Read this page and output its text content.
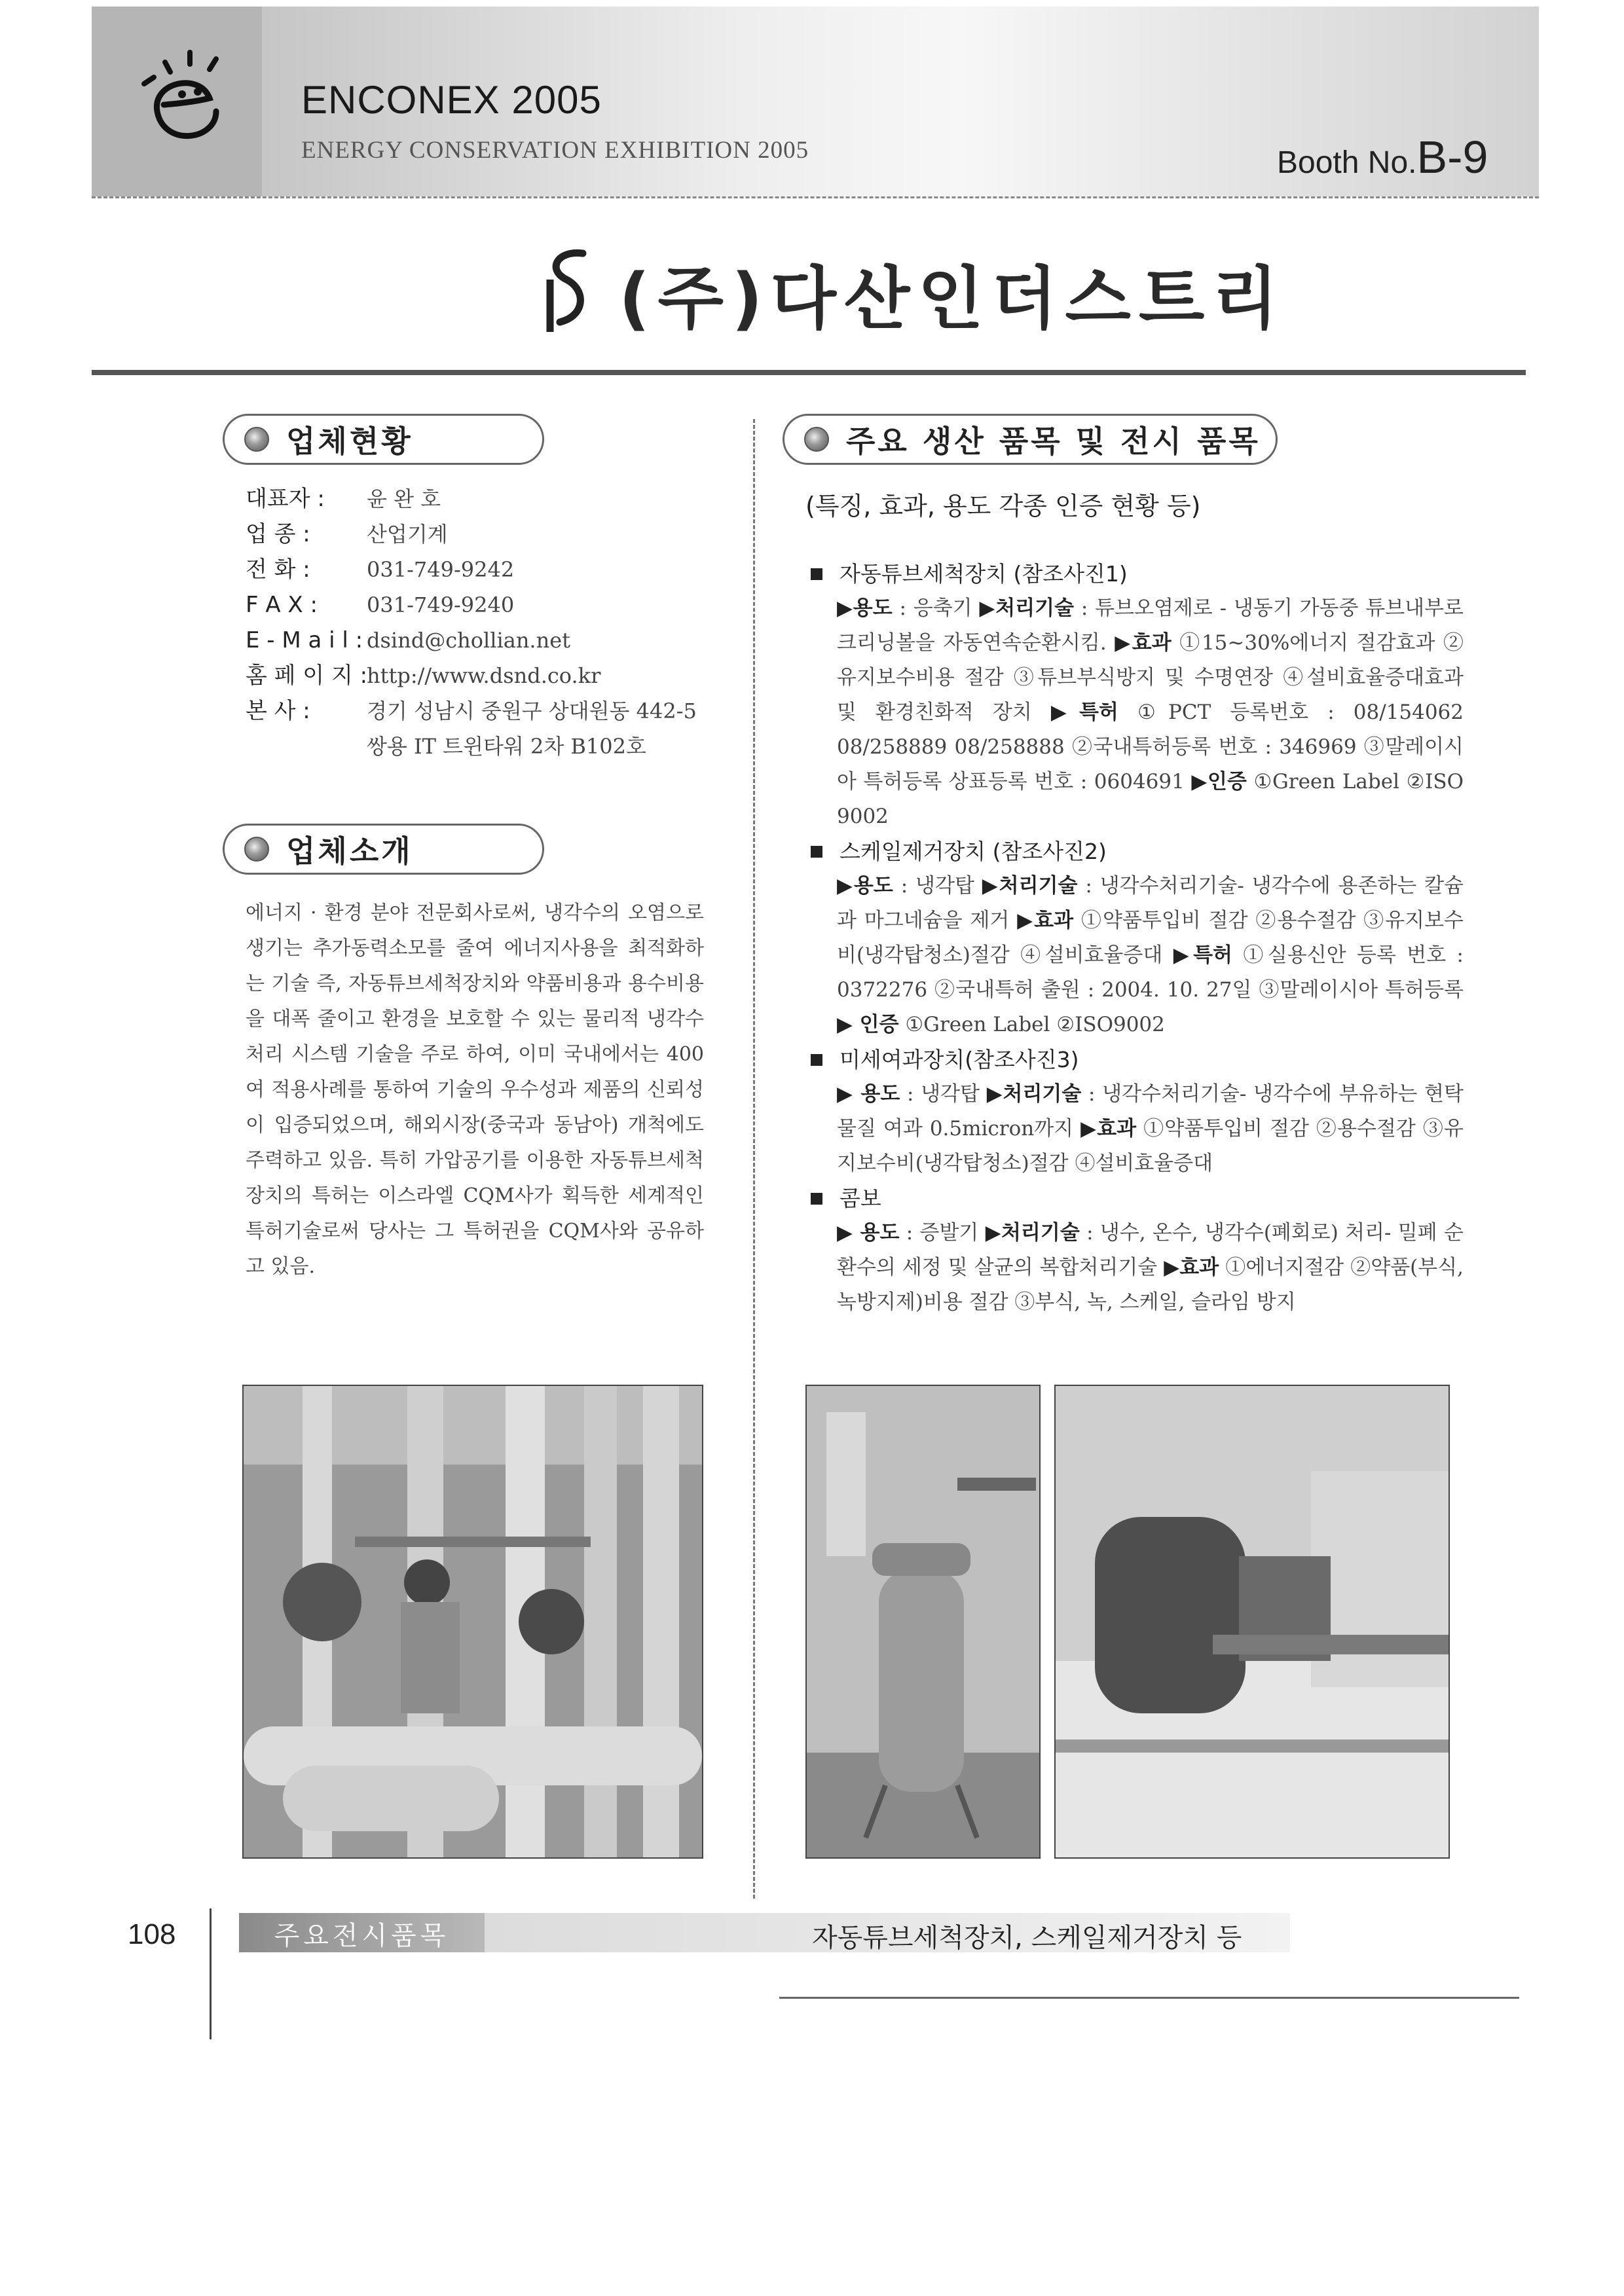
ENCONEX 2005
ENERGY CONSERVATION EXHIBITION 2005	Booth No.B-9
(주)다산인더스트리
업체현황
대표자 :	윤 완 호
업 종 :	산업기계
전 화 :	031-749-9242
F A X :	031-749-9240
E - M a i l : dsind@chollian.net
홈 페 이 지 :
http://www.dsnd.co.kr
본 사 :	경기 성남시 중원구 상대원동 442-5
쌍용 IT 트윈타워 2차 B102호
업체소개
에너지 · 환경 분야 전문회사로써, 냉각수의 오염으로 생기는 추가동력소모를 줄여 에너지사용을 최적화하는 기술 즉, 자동튜브세척장치와 약품비용과 용수비용을 대폭 줄이고 환경을 보호할 수 있는 물리적 냉각수처리 시스템 기술을 주로 하여, 이미 국내에서는 400여 적용사례를 통하여 기술의 우수성과 제품의 신뢰성이 입증되었으며, 해외시장(중국과 동남아) 개척에도 주력하고 있음. 특히 가압공기를 이용한 자동튜브세척장치의 특허는 이스라엘 CQM사가 획득한 세계적인 특허기술로써 당사는 그 특허권을 CQM사와 공유하고 있음.
주요 생산 품목 및 전시 품목
(특징, 효과, 용도 각종 인증 현황 등)
자동튜브세척장치 (참조사진1)
▶용도 : 응축기 ▶처리기술 : 튜브오염제로 - 냉동기 가동중 튜브내부로 크리닝볼을 자동연속순환시킴. ▶효과 ①15~30%에너지 절감효과 ②유지보수비용 절감 ③튜브부식방지 및 수명연장 ④설비효율증대효과 및 환경친화적 장치 ▶특허 ①PCT 등록번호 : 08/154062 08/258889 08/258888 ②국내특허등록 번호 : 346969 ③말레이시아 특허등록 상표등록 번호 : 0604691 ▶인증 ①Green Label ②ISO 9002
스케일제거장치 (참조사진2)
▶용도 : 냉각탑 ▶처리기술 : 냉각수처리기술- 냉각수에 용존하는 칼슘과 마그네슘을 제거 ▶효과 ①약품투입비 절감 ②용수절감 ③유지보수비(냉각탑청소)절감 ④설비효율증대 ▶특허 ①실용신안 등록 번호 : 0372276 ②국내특허 출원 : 2004. 10. 27일 ③말레이시아 특허등록 ▶ 인증 ①Green Label ②ISO9002
미세여과장치(참조사진3)
▶ 용도 : 냉각탑 ▶처리기술 : 냉각수처리기술- 냉각수에 부유하는 현탁 물질 여과 0.5micron까지 ▶효과 ①약품투입비 절감 ②용수절감 ③유지보수비(냉각탑청소)절감 ④설비효율증대
콤보
▶ 용도 : 증발기 ▶처리기술 : 냉수, 온수, 냉각수(폐회로) 처리- 밀폐 순환수의 세정 및 살균의 복합처리기술 ▶효과 ①에너지절감 ②약품(부식,녹방지제)비용 절감 ③부식, 녹, 스케일, 슬라임 방지
108	주요전시품목	자동튜브세척장치, 스케일제거장치 등
